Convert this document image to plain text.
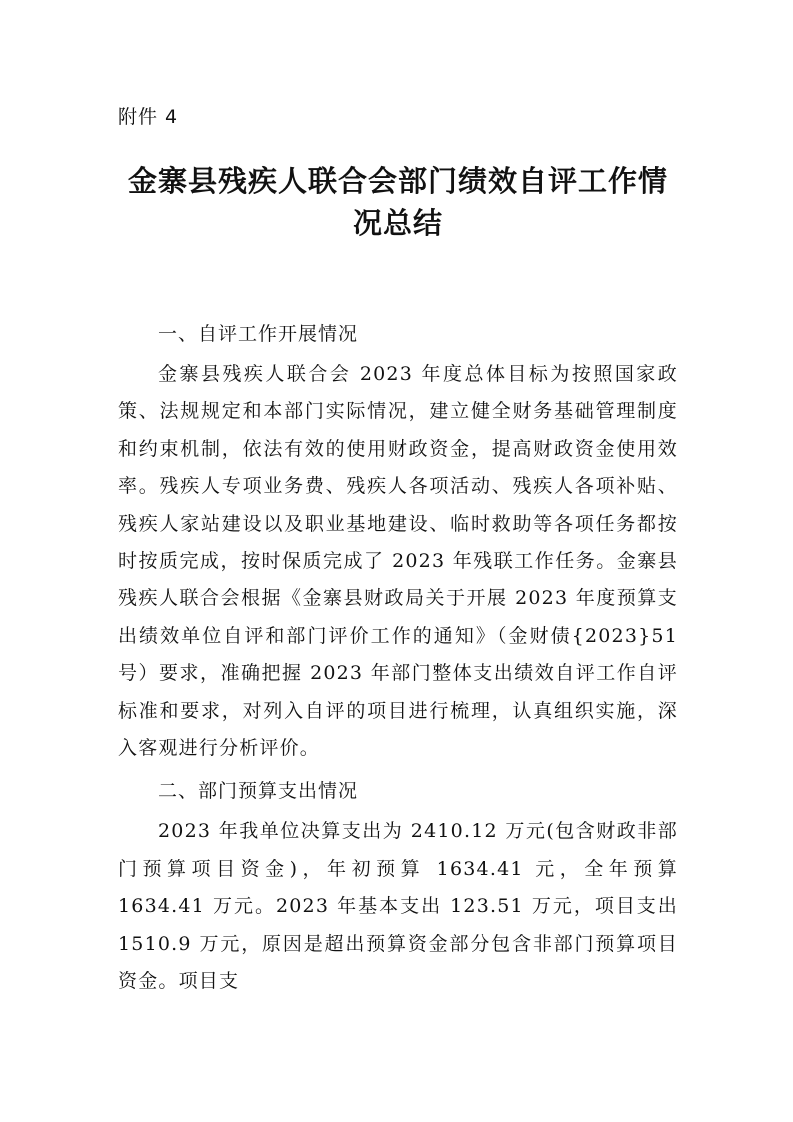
附件 4
金寨县残疾人联合会部门绩效自评工作情况总结
一、自评工作开展情况

金寨县残疾人联合会 2023 年度总体目标为按照国家政策、法规规定和本部门实际情况，建立健全财务基础管理制度和约束机制，依法有效的使用财政资金，提高财政资金使用效率。残疾人专项业务费、残疾人各项活动、残疾人各项补贴、残疾人家站建设以及职业基地建设、临时救助等各项任务都按时按质完成，按时保质完成了 2023 年残联工作任务。金寨县残疾人联合会根据《金寨县财政局关于开展 2023 年度预算支出绩效单位自评和部门评价工作的通知》（金财债{2023}51 号）要求，准确把握 2023 年部门整体支出绩效自评工作自评标准和要求，对列入自评的项目进行梳理，认真组织实施，深入客观进行分析评价。

二、部门预算支出情况

2023 年我单位决算支出为 2410.12 万元(包含财政非部门预算项目资金)，年初预算 1634.41 元，全年预算 1634.41 万元。2023 年基本支出 123.51 万元，项目支出 1510.9 万元，原因是超出预算资金部分包含非部门预算项目资金。项目支
